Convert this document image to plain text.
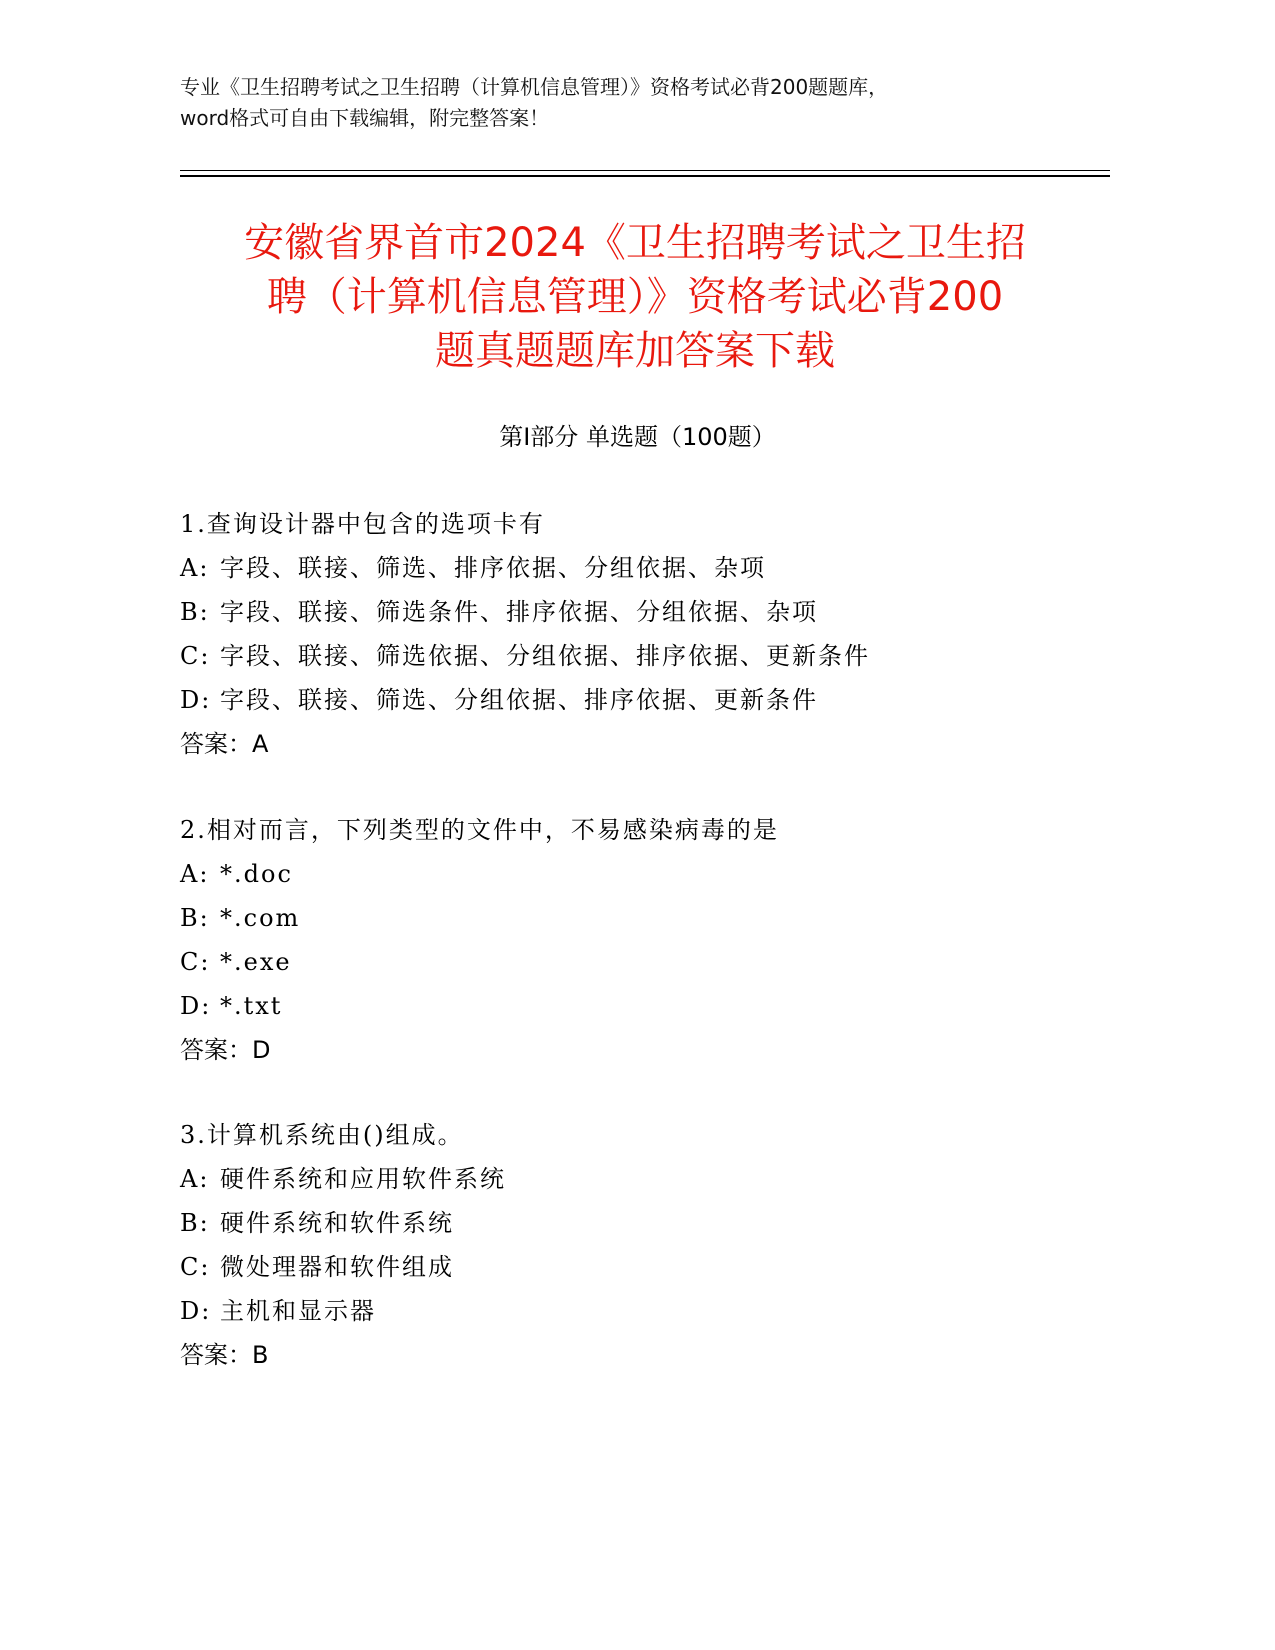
专业《卫生招聘考试之卫生招聘（计算机信息管理）》资格考试必背200题题库，
word格式可自由下载编辑，附完整答案！
安徽省界首市2024《卫生招聘考试之卫生招
聘（计算机信息管理）》资格考试必背200
题真题题库加答案下载
第Ⅰ部分 单选题（100题）
1.查询设计器中包含的选项卡有
A: 字段、联接、筛选、排序依据、分组依据、杂项
B: 字段、联接、筛选条件、排序依据、分组依据、杂项
C: 字段、联接、筛选依据、分组依据、排序依据、更新条件
D: 字段、联接、筛选、分组依据、排序依据、更新条件
答案：A
2.相对而言，下列类型的文件中，不易感染病毒的是
A: *.doc
B: *.com
C: *.exe
D: *.txt
答案：D
3.计算机系统由()组成。
A: 硬件系统和应用软件系统
B: 硬件系统和软件系统
C: 微处理器和软件组成
D: 主机和显示器
答案：B
